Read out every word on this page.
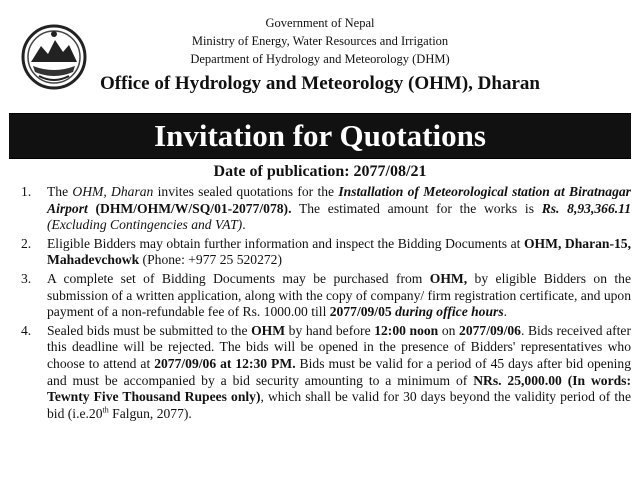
Government of Nepal
Ministry of Energy, Water Resources and Irrigation
Department of Hydrology and Meteorology (DHM)
Office of Hydrology and Meteorology (OHM), Dharan
Invitation for Quotations
Date of publication: 2077/08/21
1.	The OHM, Dharan invites sealed quotations for the Installation of Meteorological station at Biratnagar Airport (DHM/OHM/W/SQ/01-2077/078). The estimated amount for the works is Rs. 8,93,366.11 (Excluding Contingencies and VAT).
2.	Eligible Bidders may obtain further information and inspect the Bidding Documents at OHM, Dharan-15, Mahadevchowk (Phone: +977 25 520272)
3.	A complete set of Bidding Documents may be purchased from OHM, by eligible Bidders on the submission of a written application, along with the copy of company/ firm registration certificate, and upon payment of a non-refundable fee of Rs. 1000.00 till 2077/09/05 during office hours.
4.	Sealed bids must be submitted to the OHM by hand before 12:00 noon on 2077/09/06. Bids received after this deadline will be rejected. The bids will be opened in the presence of Bidders' representatives who choose to attend at 2077/09/06 at 12:30 PM. Bids must be valid for a period of 45 days after bid opening and must be accompanied by a bid security amounting to a minimum of NRs. 25,000.00 (In words: Tewnty Five Thousand Rupees only), which shall be valid for 30 days beyond the validity period of the bid (i.e.20th Falgun, 2077).
